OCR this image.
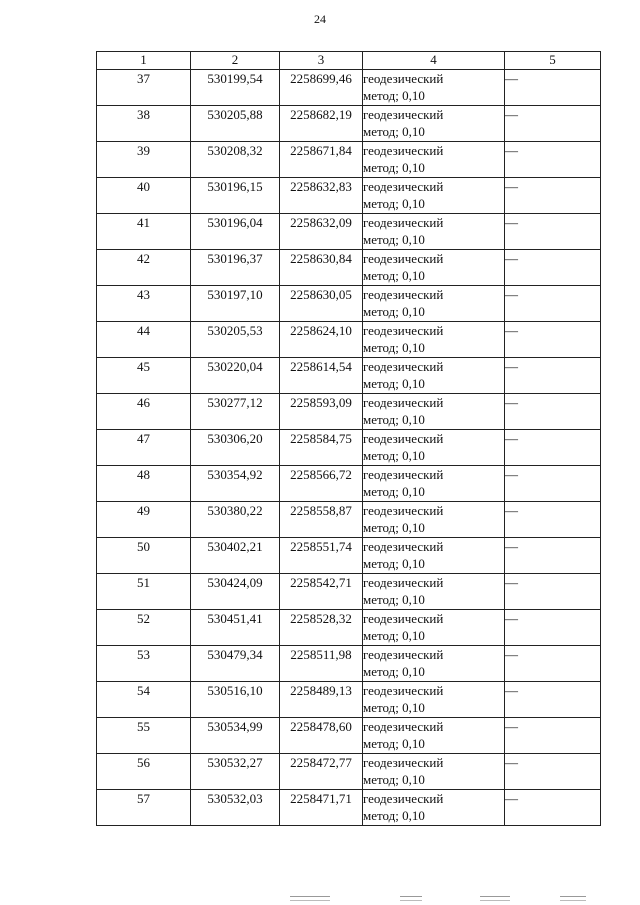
24
1	2	3	4	5
37	530199,54	2258699,46	геодезический
метод; 0,10	—
38	530205,88	2258682,19	геодезический
метод; 0,10	—
39	530208,32	2258671,84	геодезический
метод; 0,10	—
40	530196,15	2258632,83	геодезический
метод; 0,10	—
41	530196,04	2258632,09	геодезический
метод; 0,10	—
42	530196,37	2258630,84	геодезический
метод; 0,10	—
43	530197,10	2258630,05	геодезический
метод; 0,10	—
44	530205,53	2258624,10	геодезический
метод; 0,10	—
45	530220,04	2258614,54	геодезический
метод; 0,10	—
46	530277,12	2258593,09	геодезический
метод; 0,10	—
47	530306,20	2258584,75	геодезический
метод; 0,10	—
48	530354,92	2258566,72	геодезический
метод; 0,10	—
49	530380,22	2258558,87	геодезический
метод; 0,10	—
50	530402,21	2258551,74	геодезический
метод; 0,10	—
51	530424,09	2258542,71	геодезический
метод; 0,10	—
52	530451,41	2258528,32	геодезический
метод; 0,10	—
53	530479,34	2258511,98	геодезический
метод; 0,10	—
54	530516,10	2258489,13	геодезический
метод; 0,10	—
55	530534,99	2258478,60	геодезический
метод; 0,10	—
56	530532,27	2258472,77	геодезический
метод; 0,10	—
57	530532,03	2258471,71	геодезический
метод; 0,10	—
